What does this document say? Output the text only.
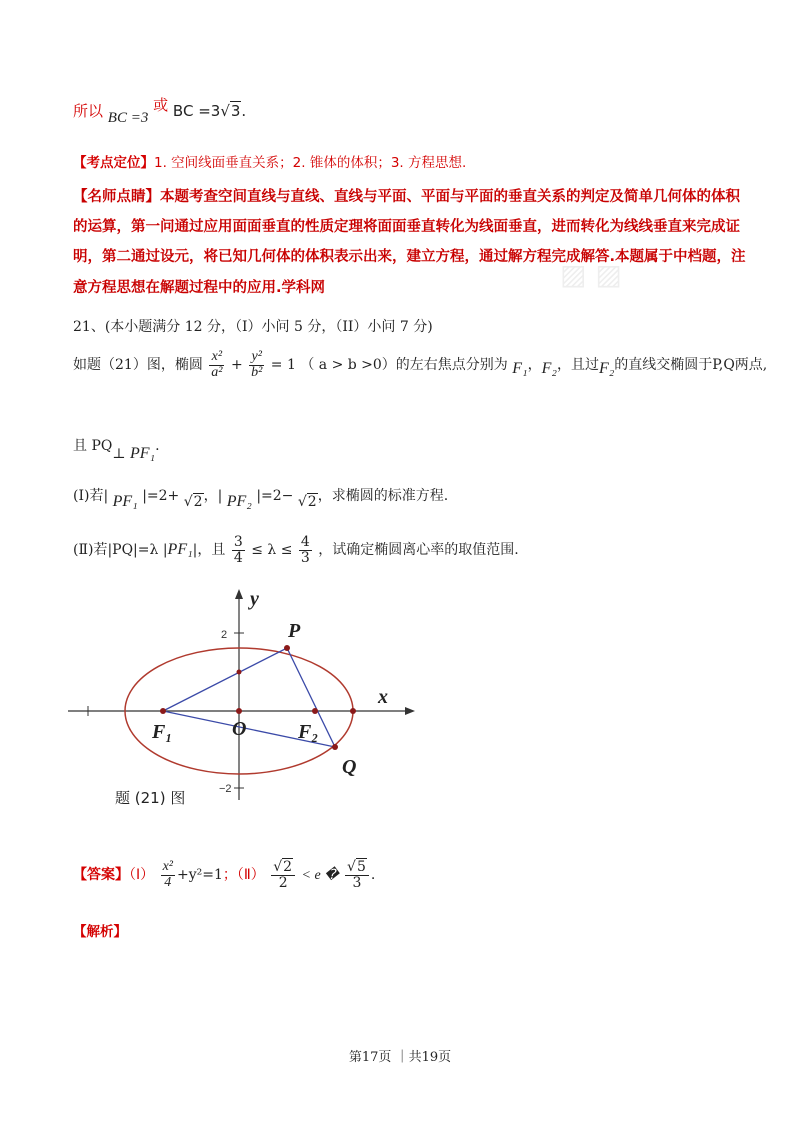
▨ ▨
所以 BC =3 或 BC =3√3.
【考点定位】1. 空间线面垂直关系；2. 锥体的体积；3. 方程思想.
【名师点睛】本题考查空间直线与直线、直线与平面、平面与平面的垂直关系的判定及简单几何体的体积
的运算，第一问通过应用面面垂直的性质定理将面面垂直转化为线面垂直，进而转化为线线垂直来完成证
明，第二通过设元，将已知几何体的体积表示出来，建立方程，通过解方程完成解答.本题属于中档题，注
意方程思想在解题过程中的应用.学科网
21、(本小题满分 12 分，（I）小问 5 分，（II）小问 7 分)
如题（21）图，椭圆 $\frac{\text{x²}}{\text{a²}} + \frac{\text{y²}}{\text{b²}} = 1$ （ a > b >0）的左右焦点分别为 F₁，F₂，且过F₂的直线交椭圆于P,Q两点,
且 PQ⊥ PF₁.
(Ⅰ)若| PF₁ |=2+ √2，| PF₂ |=2− √2，求椭圆的标准方程.
(Ⅱ)若|PQ|=λ |PF₁|，且 $\frac{3}{4} \le \lambda \le \frac{4}{3}$ ，试确定椭圆离心率的取值范围.
y
x
P
Q
O
F₁	F₂
2
−2
题 (21) 图
【答案】（Ⅰ） $\frac{\text{x²}}{4} +y^2=1$；（Ⅱ） $\frac{√2}{2} < e$ � $\frac{√5}{3}$ .
【解析】
第17页 ｜共19页
